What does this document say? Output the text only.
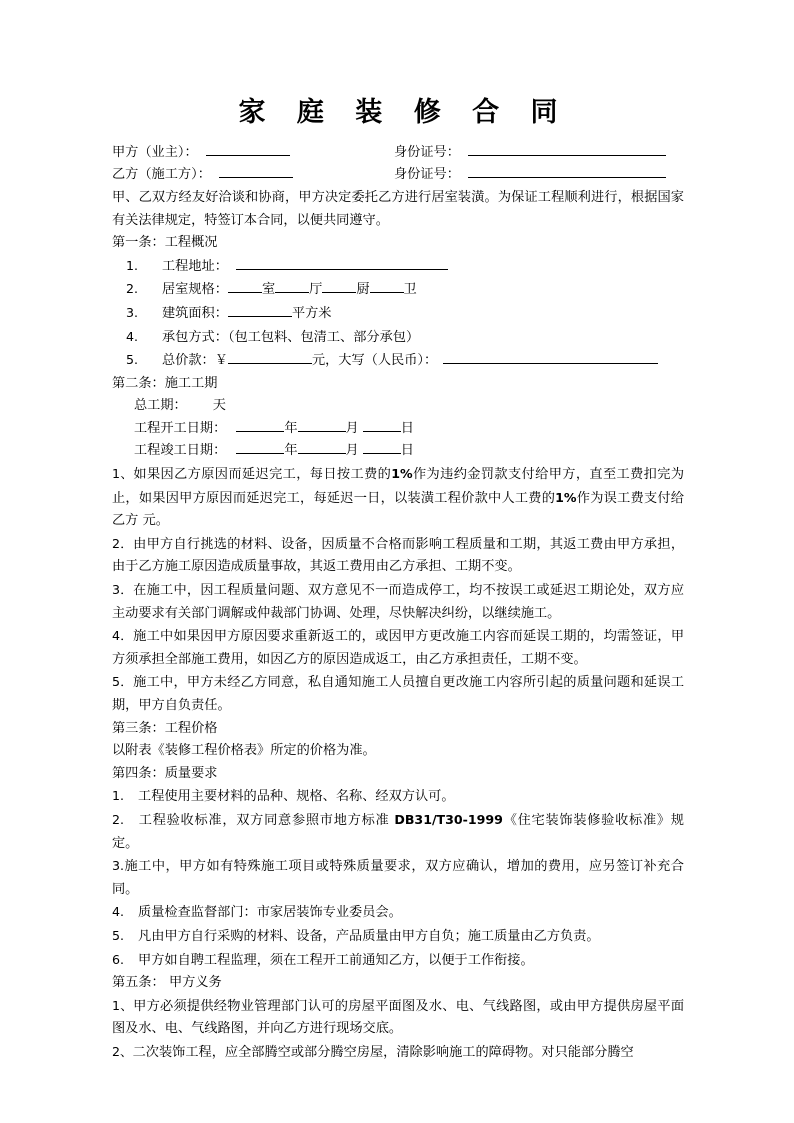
家 庭 装 修 合 同
甲方（业主）：	身份证号：
乙方（施工方）：	身份证号：

甲、乙双方经友好洽谈和协商，甲方决定委托乙方进行居室装潢。为保证工程顺利进行，根据国家有关法律规定，特签订本合同，以便共同遵守。

第一条：工程概况
1.	工程地址：
2.	居室规格：	室	厅	厨	卫
3.	建筑面积：	平方米
4.	承包方式：（包工包料、包清工、部分承包）
5.	总价款：￥	元，大写（人民币）：
第二条：施工工期
总工期： 天
工程开工日期：	年	月	日
工程竣工日期：	年	月	日

1、如果因乙方原因而延迟完工，每日按工费的1%作为违约金罚款支付给甲方，直至工费扣完为止，如果因甲方原因而延迟完工，每延迟一日，以装潢工程价款中人工费的1%作为误工费支付给乙方 元。

2．由甲方自行挑选的材料、设备，因质量不合格而影响工程质量和工期，其返工费由甲方承担，由于乙方施工原因造成质量事故，其返工费用由乙方承担、工期不变。

3．在施工中，因工程质量问题、双方意见不一而造成停工，均不按误工或延迟工期论处，双方应主动要求有关部门调解或仲裁部门协调、处理，尽快解决纠纷，以继续施工。

4．施工中如果因甲方原因要求重新返工的，或因甲方更改施工内容而延误工期的，均需签证，甲方须承担全部施工费用，如因乙方的原因造成返工，由乙方承担责任，工期不变。

5．施工中，甲方未经乙方同意，私自通知施工人员擅自更改施工内容所引起的质量问题和延误工期，甲方自负责任。

第三条：工程价格

以附表《装修工程价格表》所定的价格为准。

第四条：质量要求

1. 工程使用主要材料的品种、规格、名称、经双方认可。

2. 工程验收标准，双方同意参照市地方标准 DB31/T30-1999《住宅装饰装修验收标准》规定。

3.施工中，甲方如有特殊施工项目或特殊质量要求，双方应确认，增加的费用，应另签订补充合同。

4. 质量检查监督部门：市家居装饰专业委员会。

5. 凡由甲方自行采购的材料、设备，产品质量由甲方自负；施工质量由乙方负责。

6. 甲方如自聘工程监理，须在工程开工前通知乙方，以便于工作衔接。

第五条： 甲方义务

1、甲方必须提供经物业管理部门认可的房屋平面图及水、电、气线路图，或由甲方提供房屋平面图及水、电、气线路图，并向乙方进行现场交底。

2、二次装饰工程，应全部腾空或部分腾空房屋，清除影响施工的障碍物。对只能部分腾空
